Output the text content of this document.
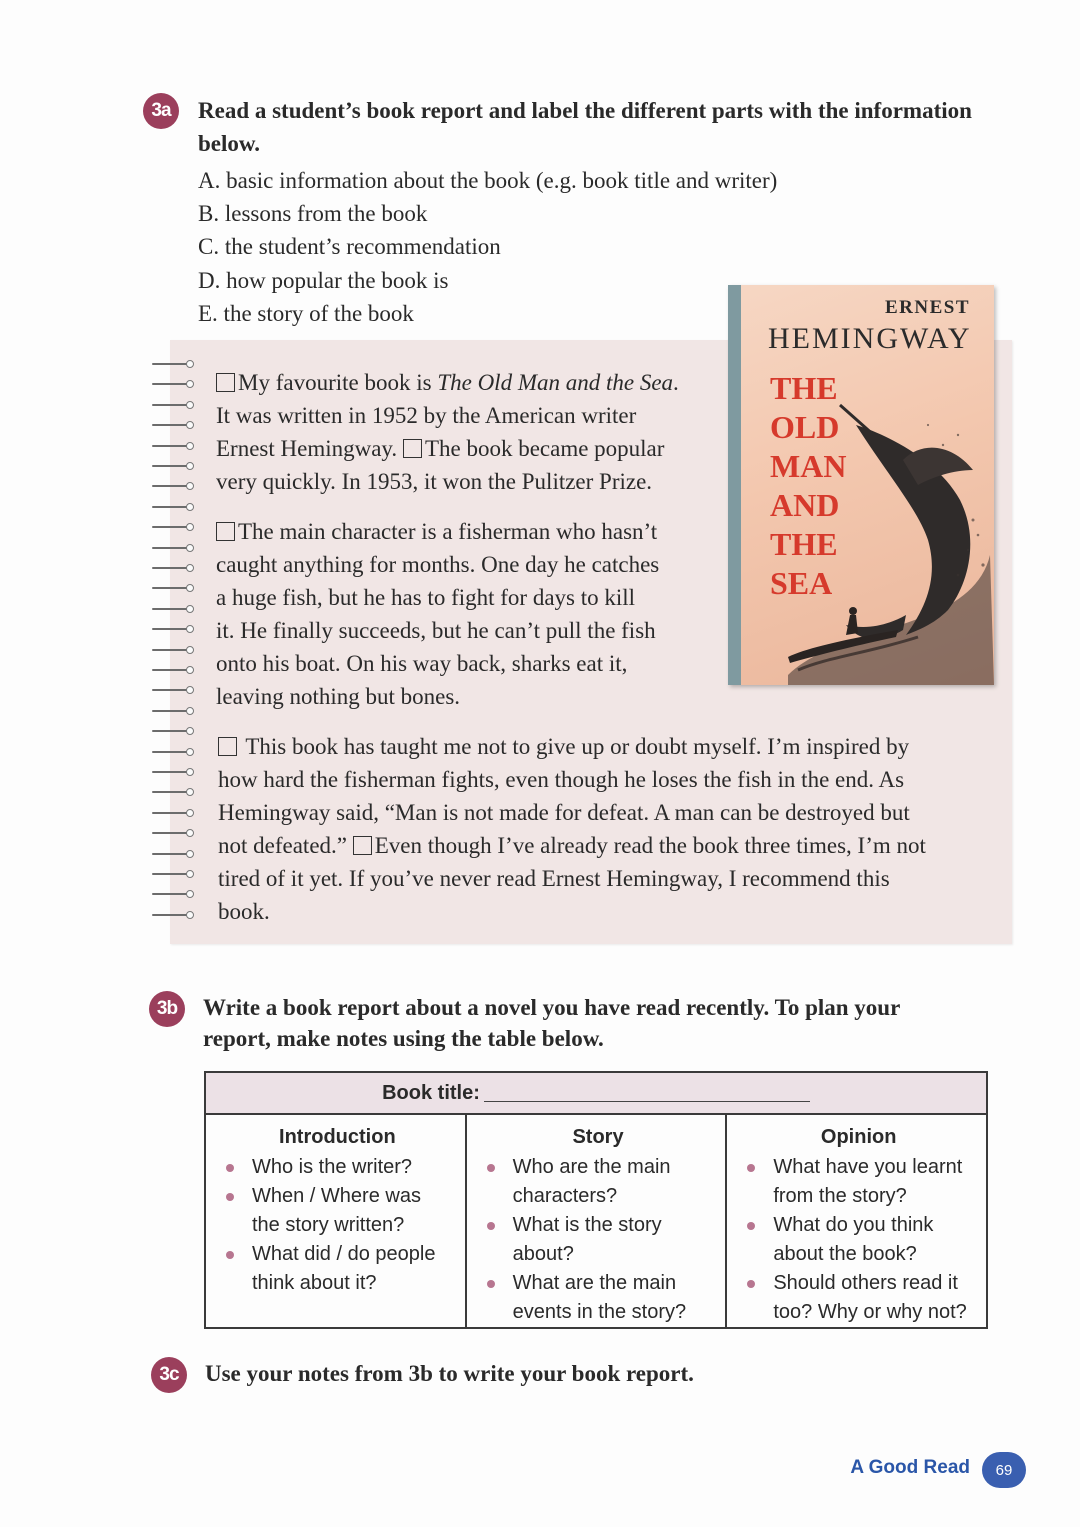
3a	Read a student’s book report and label the different parts with the information
below.
A. basic information about the book (e.g. book title and writer)
B. lessons from the book
C. the student’s recommendation
D. how popular the book is
E. the story of the book
My favourite book is The Old Man and the Sea.
It was written in 1952 by the American writer
Ernest Hemingway. The book became popular
very quickly. In 1953, it won the Pulitzer Prize.
The main character is a fisherman who hasn’t
caught anything for months. One day he catches
a huge fish, but he has to fight for days to kill
it. He finally succeeds, but he can’t pull the fish
onto his boat. On his way back, sharks eat it,
leaving nothing but bones.
This book has taught me not to give up or doubt myself. I’m inspired by
how hard the fisherman fights, even though he loses the fish in the end. As
Hemingway said, “Man is not made for defeat. A man can be destroyed but
not defeated.” Even though I’ve already read the book three times, I’m not
tired of it yet. If you’ve never read Ernest Hemingway, I recommend this
book.
ERNEST
HEMINGWAY
THE
OLD
MAN
AND
THE
SEA
3b	Write a book report about a novel you have read recently. To plan your
report, make notes using the table below.
Book title:
Introduction
Who is the writer?
When / Where was
the story written?
What did / do people
think about it?
Story
Who are the main
characters?
What is the story
about?
What are the main
events in the story?
Opinion
What have you learnt
from the story?
What do you think
about the book?
Should others read it
too? Why or why not?
3c	Use your notes from 3b to write your book report.
A Good Read	69
